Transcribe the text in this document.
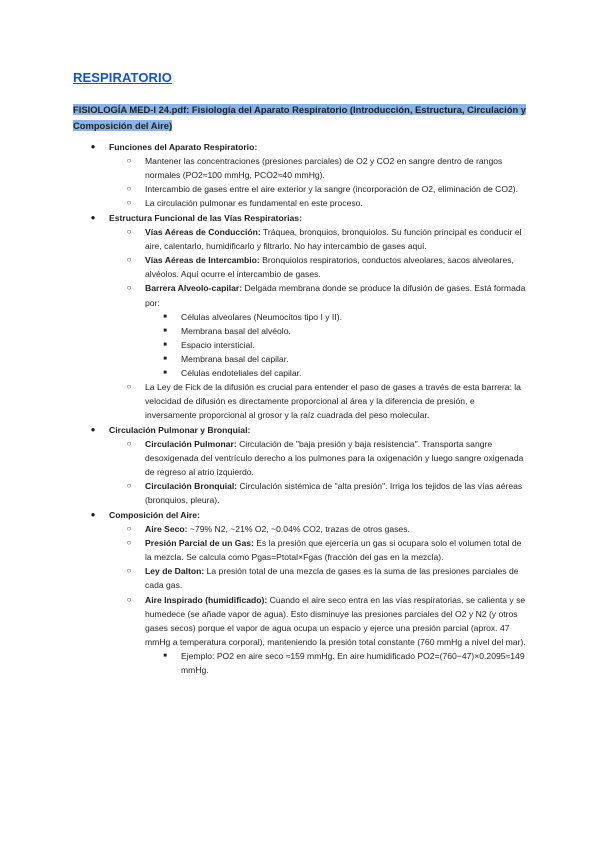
RESPIRATORIO
FISIOLOGÍA MED-I 24.pdf: Fisiología del Aparato Respiratorio (Introducción, Estructura, Circulación y Composición del Aire)
●	Funciones del Aparato Respiratorio:
○	Mantener las concentraciones (presiones parciales) de O2 y CO2 en sangre dentro de rangos normales (PO2≈100 mmHg, PCO2≈40 mmHg).
○	Intercambio de gases entre el aire exterior y la sangre (incorporación de O2, eliminación de CO2).
○	La circulación pulmonar es fundamental en este proceso.
●	Estructura Funcional de las Vías Respiratorias:
○	Vías Aéreas de Conducción: Tráquea, bronquios, bronquiolos. Su función principal es conducir el aire, calentarlo, humidificarlo y filtrarlo. No hay intercambio de gases aquí.
○	Vías Aéreas de Intercambio: Bronquiolos respiratorios, conductos alveolares, sacos alveolares, alvéolos. Aquí ocurre el intercambio de gases.
○	Barrera Alveolo-capilar: Delgada membrana donde se produce la difusión de gases. Está formada por:
■	Células alveolares (Neumocitos tipo I y II).
■	Membrana basal del alvéolo.
■	Espacio intersticial.
■	Membrana basal del capilar.
■	Células endoteliales del capilar.
○	La Ley de Fick de la difusión es crucial para entender el paso de gases a través de esta barrera: la velocidad de difusión es directamente proporcional al área y la diferencia de presión, e inversamente proporcional al grosor y la raíz cuadrada del peso molecular.
●	Circulación Pulmonar y Bronquial:
○	Circulación Pulmonar: Circulación de "baja presión y baja resistencia". Transporta sangre desoxigenada del ventrículo derecho a los pulmones para la oxigenación y luego sangre oxigenada de regreso al atrio izquierdo.
○	Circulación Bronquial: Circulación sistémica de "alta presión". Irriga los tejidos de las vías aéreas (bronquios, pleura).
●	Composición del Aire:
○	Aire Seco: ~79% N2, ~21% O2, ~0.04% CO2, trazas de otros gases.
○	Presión Parcial de un Gas: Es la presión que ejercería un gas si ocupara solo el volumen total de la mezcla. Se calcula como Pgas=Ptotal×Fgas (fracción del gas en la mezcla).
○	Ley de Dalton: La presión total de una mezcla de gases es la suma de las presiones parciales de cada gas.
○	Aire Inspirado (humidificado): Cuando el aire seco entra en las vías respiratorias, se calienta y se humedece (se añade vapor de agua). Esto disminuye las presiones parciales del O2 y N2 (y otros gases secos) porque el vapor de agua ocupa un espacio y ejerce una presión parcial (aprox. 47 mmHg a temperatura corporal), manteniendo la presión total constante (760 mmHg a nivel del mar).
■	Ejemplo: PO2 en aire seco ≈159 mmHg. En aire humidificado PO2=(760−47)×0.2095≈149 mmHg.
